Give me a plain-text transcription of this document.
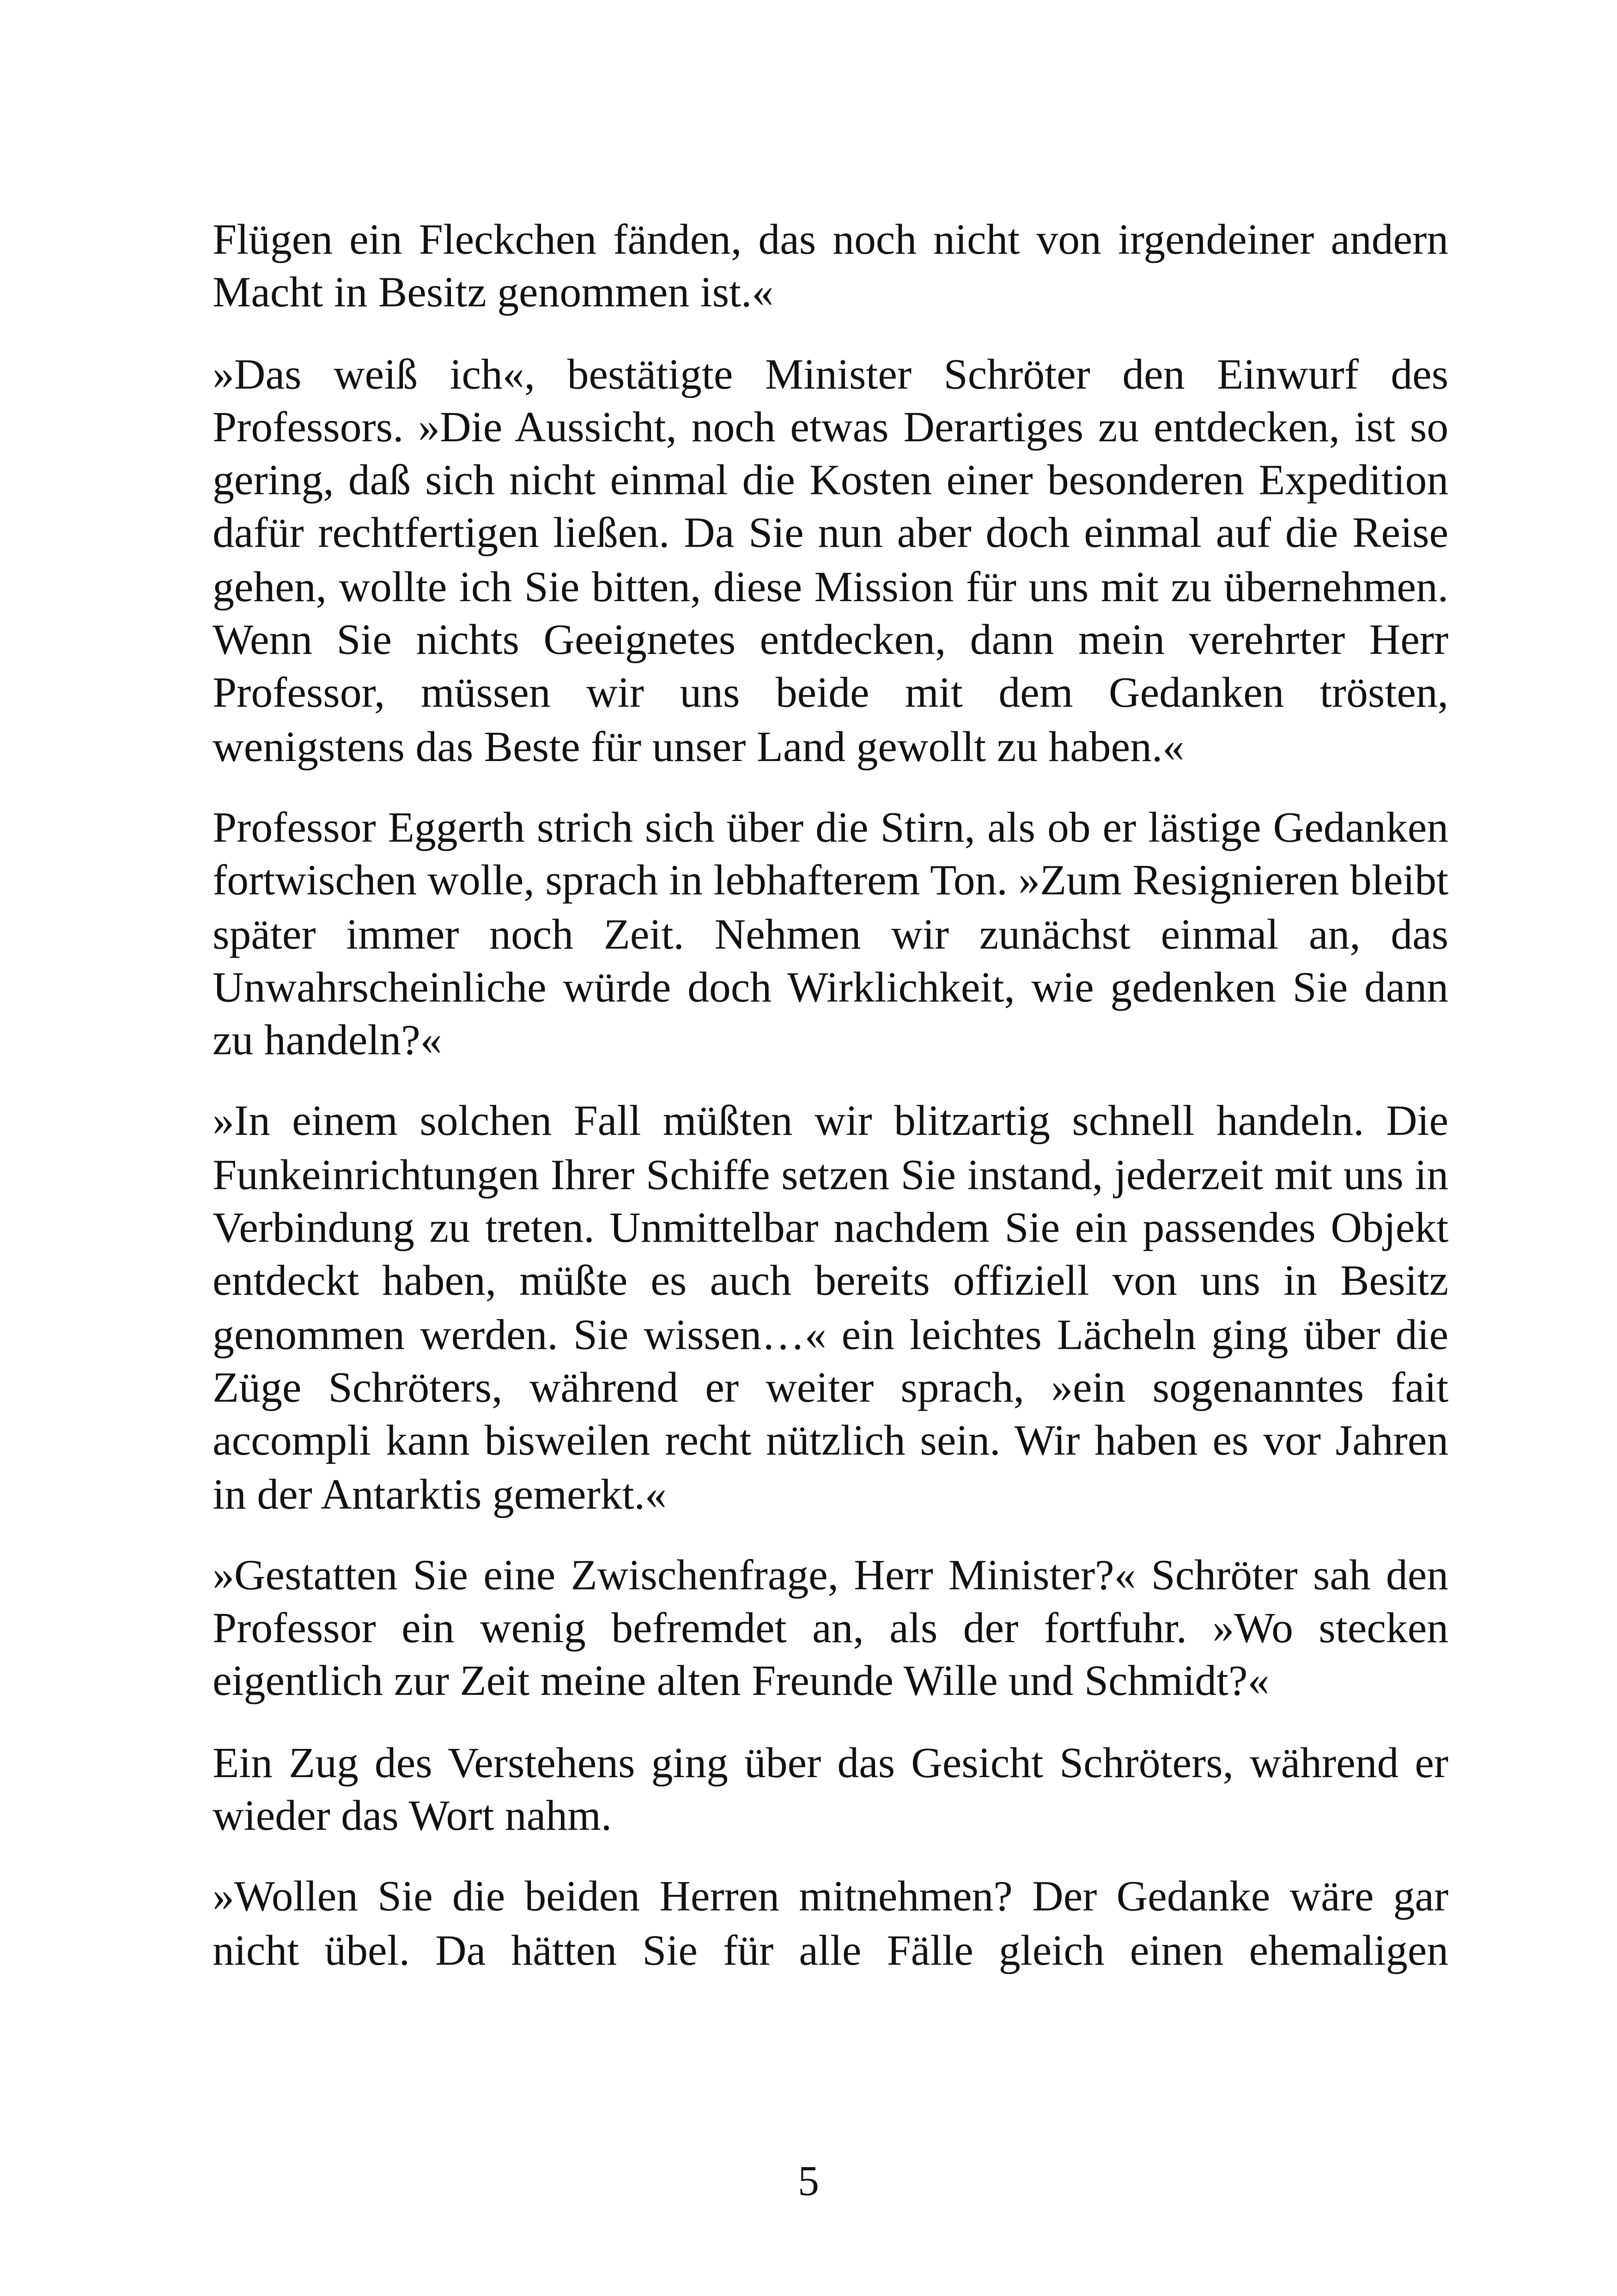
Flügen ein Fleckchen fänden, das noch nicht von irgendeiner andern Macht in Besitz genommen ist.«

»Das weiß ich«, bestätigte Minister Schröter den Einwurf des Professors. »Die Aussicht, noch etwas Derartiges zu entdecken, ist so gering, daß sich nicht einmal die Kosten einer besonderen Expedition dafür rechtfertigen ließen. Da Sie nun aber doch einmal auf die Reise gehen, wollte ich Sie bitten, diese Mission für uns mit zu übernehmen. Wenn Sie nichts Geeignetes entdecken, dann mein verehrter Herr Professor, müssen wir uns beide mit dem Gedanken trösten, wenigstens das Beste für unser Land gewollt zu haben.«

Professor Eggerth strich sich über die Stirn, als ob er lästige Gedanken fortwischen wolle, sprach in lebhafterem Ton. »Zum Resignieren bleibt später immer noch Zeit. Nehmen wir zunächst einmal an, das Unwahrscheinliche würde doch Wirklichkeit, wie gedenken Sie dann zu handeln?«

»In einem solchen Fall müßten wir blitzartig schnell handeln. Die Funkeinrichtungen Ihrer Schiffe setzen Sie instand, jederzeit mit uns in Verbindung zu treten. Unmittelbar nachdem Sie ein passendes Objekt entdeckt haben, müßte es auch bereits offiziell von uns in Besitz genommen werden. Sie wissen…« ein leichtes Lächeln ging über die Züge Schröters, während er weiter sprach, »ein sogenanntes fait accompli kann bisweilen recht nützlich sein. Wir haben es vor Jahren in der Antarktis gemerkt.«

»Gestatten Sie eine Zwischenfrage, Herr Minister?« Schröter sah den Professor ein wenig befremdet an, als der fortfuhr. »Wo stecken eigentlich zur Zeit meine alten Freunde Wille und Schmidt?«

Ein Zug des Verstehens ging über das Gesicht Schröters, während er wieder das Wort nahm.

»Wollen Sie die beiden Herren mitnehmen? Der Gedanke wäre gar nicht übel. Da hätten Sie für alle Fälle gleich einen ehemaligen

5
